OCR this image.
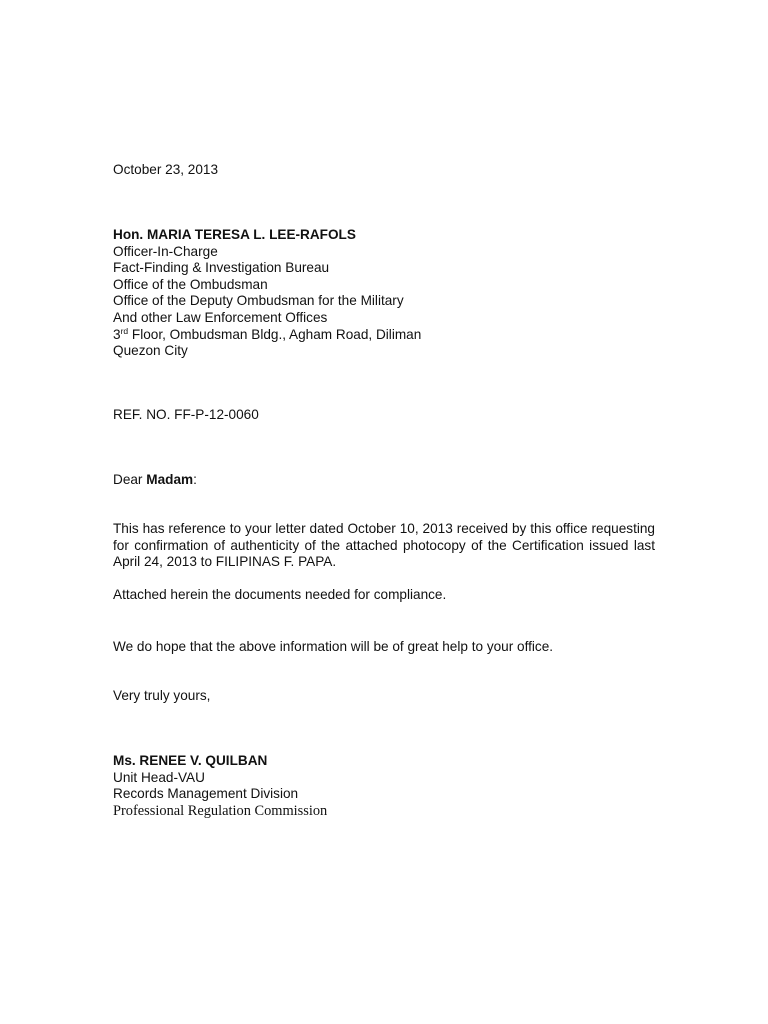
October 23, 2013
Hon. MARIA TERESA L. LEE-RAFOLS
Officer-In-Charge
Fact-Finding & Investigation Bureau
Office of the Ombudsman
Office of the Deputy Ombudsman for the Military
And other Law Enforcement Offices
3rd Floor, Ombudsman Bldg., Agham Road, Diliman
Quezon City
REF. NO. FF-P-12-0060
Dear Madam:
This has reference to your letter dated October 10, 2013 received by this office requesting for confirmation of authenticity of the attached photocopy of the Certification issued last April 24, 2013 to FILIPINAS F. PAPA.
Attached herein the documents needed for compliance.
We do hope that the above information will be of great help to your office.
Very truly yours,
Ms. RENEE V. QUILBAN
Unit Head-VAU
Records Management Division
Professional Regulation Commission
